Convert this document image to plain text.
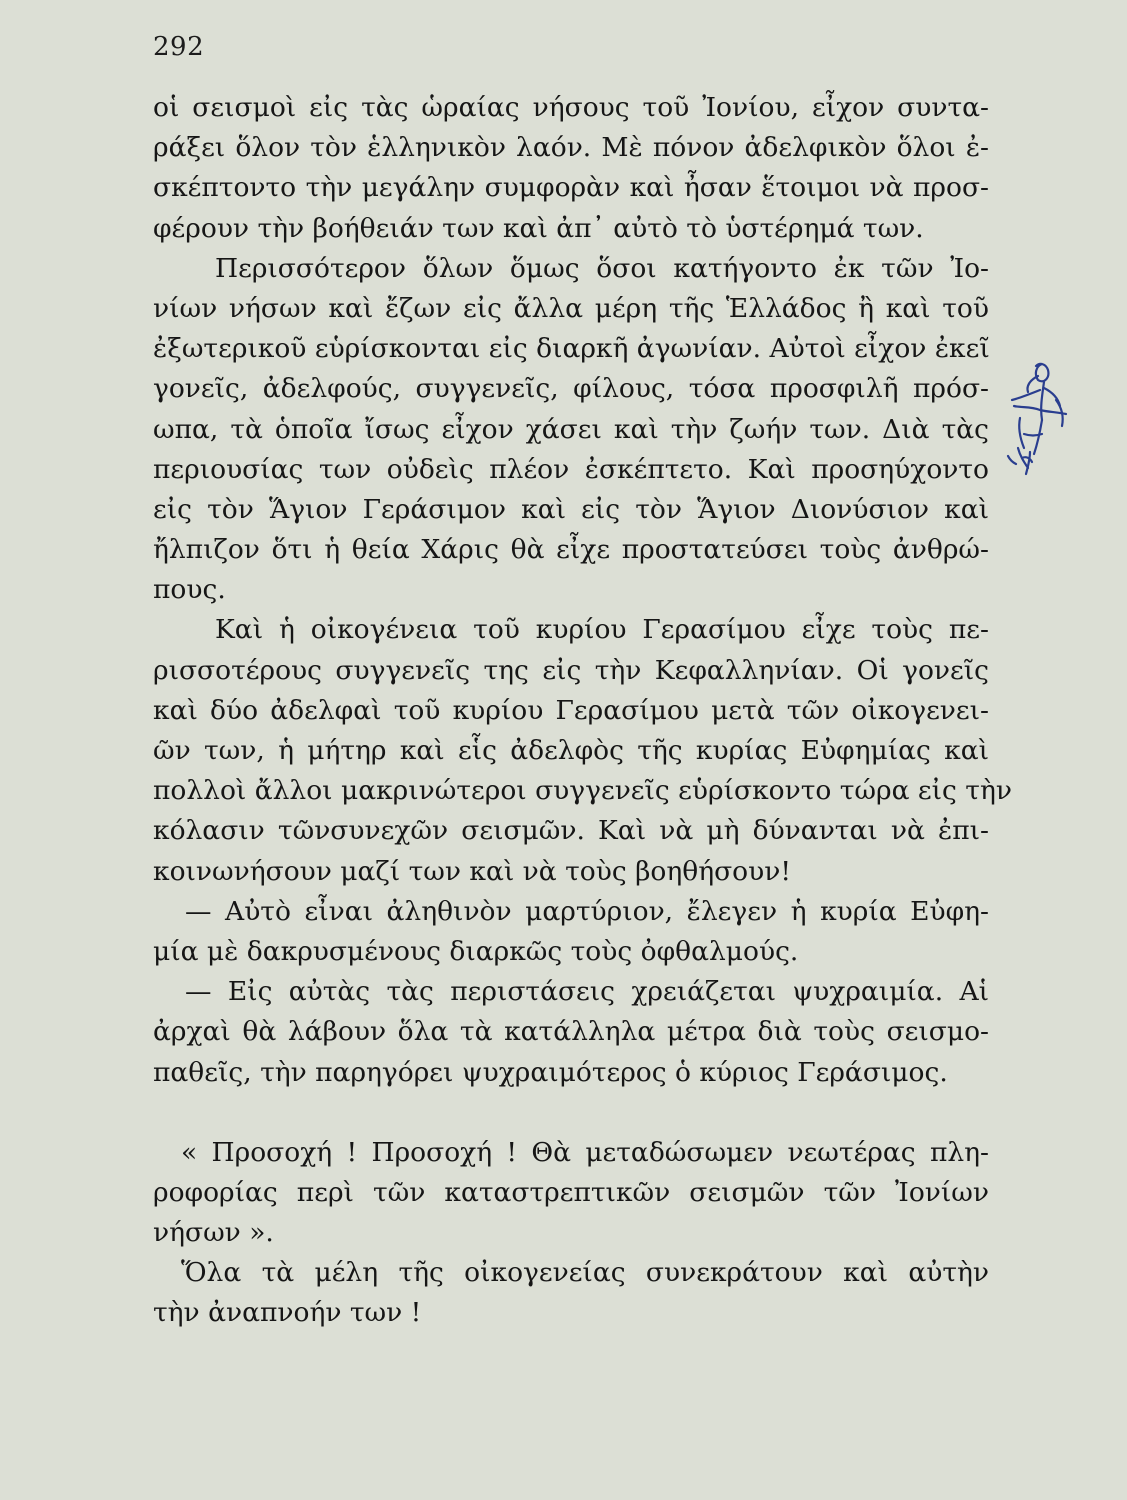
292
οἱ σεισμοὶ εἰς τὰς ὡραίας νήσους τοῦ Ἰονίου, εἶχον συντα-
ράξει ὅλον τὸν ἑλληνικὸν λαόν. Μὲ πόνον ἀδελφικὸν ὅλοι ἐ-
σκέπτοντο τὴν μεγάλην συμφορὰν καὶ ἦσαν ἕτοιμοι νὰ προσ-
φέρουν τὴν βοήθειάν των καὶ ἀπ᾽ αὐτὸ τὸ ὑστέρημά των.
Περισσότερον ὅλων ὅμως ὅσοι κατήγοντο ἐκ τῶν Ἰο-
νίων νήσων καὶ ἔζων εἰς ἄλλα μέρη τῆς Ἑλλάδος ἢ καὶ τοῦ
ἐξωτερικοῦ εὑρίσκονται εἰς διαρκῆ ἀγωνίαν. Αὐτοὶ εἶχον ἐκεῖ
γονεῖς, ἀδελφούς, συγγενεῖς, φίλους, τόσα προσφιλῆ πρόσ-
ωπα, τὰ ὁποῖα ἴσως εἶχον χάσει καὶ τὴν ζωήν των. Διὰ τὰς
περιουσίας των οὐδεὶς πλέον ἐσκέπτετο. Καὶ προσηύχοντο
εἰς τὸν Ἅγιον Γεράσιμον καὶ εἰς τὸν Ἅγιον Διονύσιον καὶ
ἤλπιζον ὅτι ἡ θεία Χάρις θὰ εἶχε προστατεύσει τοὺς ἀνθρώ-
πους.
Καὶ ἡ οἰκογένεια τοῦ κυρίου Γερασίμου εἶχε τοὺς πε-
ρισσοτέρους συγγενεῖς της εἰς τὴν Κεφαλληνίαν. Οἱ γονεῖς
καὶ δύο ἀδελφαὶ τοῦ κυρίου Γερασίμου μετὰ τῶν οἰκογενει-
ῶν των, ἡ μήτηρ καὶ εἷς ἀδελφὸς τῆς κυρίας Εὐφημίας καὶ
πολλοὶ ἄλλοι μακρινώτεροι συγγενεῖς εὑρίσκοντο τώρα εἰς τὴν
κόλασιν τῶνσυνεχῶν σεισμῶν. Καὶ νὰ μὴ δύνανται νὰ ἐπι-
κοινωνήσουν μαζί των καὶ νὰ τοὺς βοηθήσουν!
— Αὐτὸ εἶναι ἀληθινὸν μαρτύριον, ἔλεγεν ἡ κυρία Εὐφη-
μία μὲ δακρυσμένους διαρκῶς τοὺς ὀφθαλμούς.
— Εἰς αὐτὰς τὰς περιστάσεις χρειάζεται ψυχραιμία. Αἱ
ἀρχαὶ θὰ λάβουν ὅλα τὰ κατάλληλα μέτρα διὰ τοὺς σεισμο-
παθεῖς, τὴν παρηγόρει ψυχραιμότερος ὁ κύριος Γεράσιμος.
« Προσοχή ! Προσοχή ! Θὰ μεταδώσωμεν νεωτέρας πλη-
ροφορίας περὶ τῶν καταστρεπτικῶν σεισμῶν τῶν Ἰονίων
νήσων ».
Ὅλα τὰ μέλη τῆς οἰκογενείας συνεκράτουν καὶ αὐτὴν
τὴν ἀναπνοήν των !
